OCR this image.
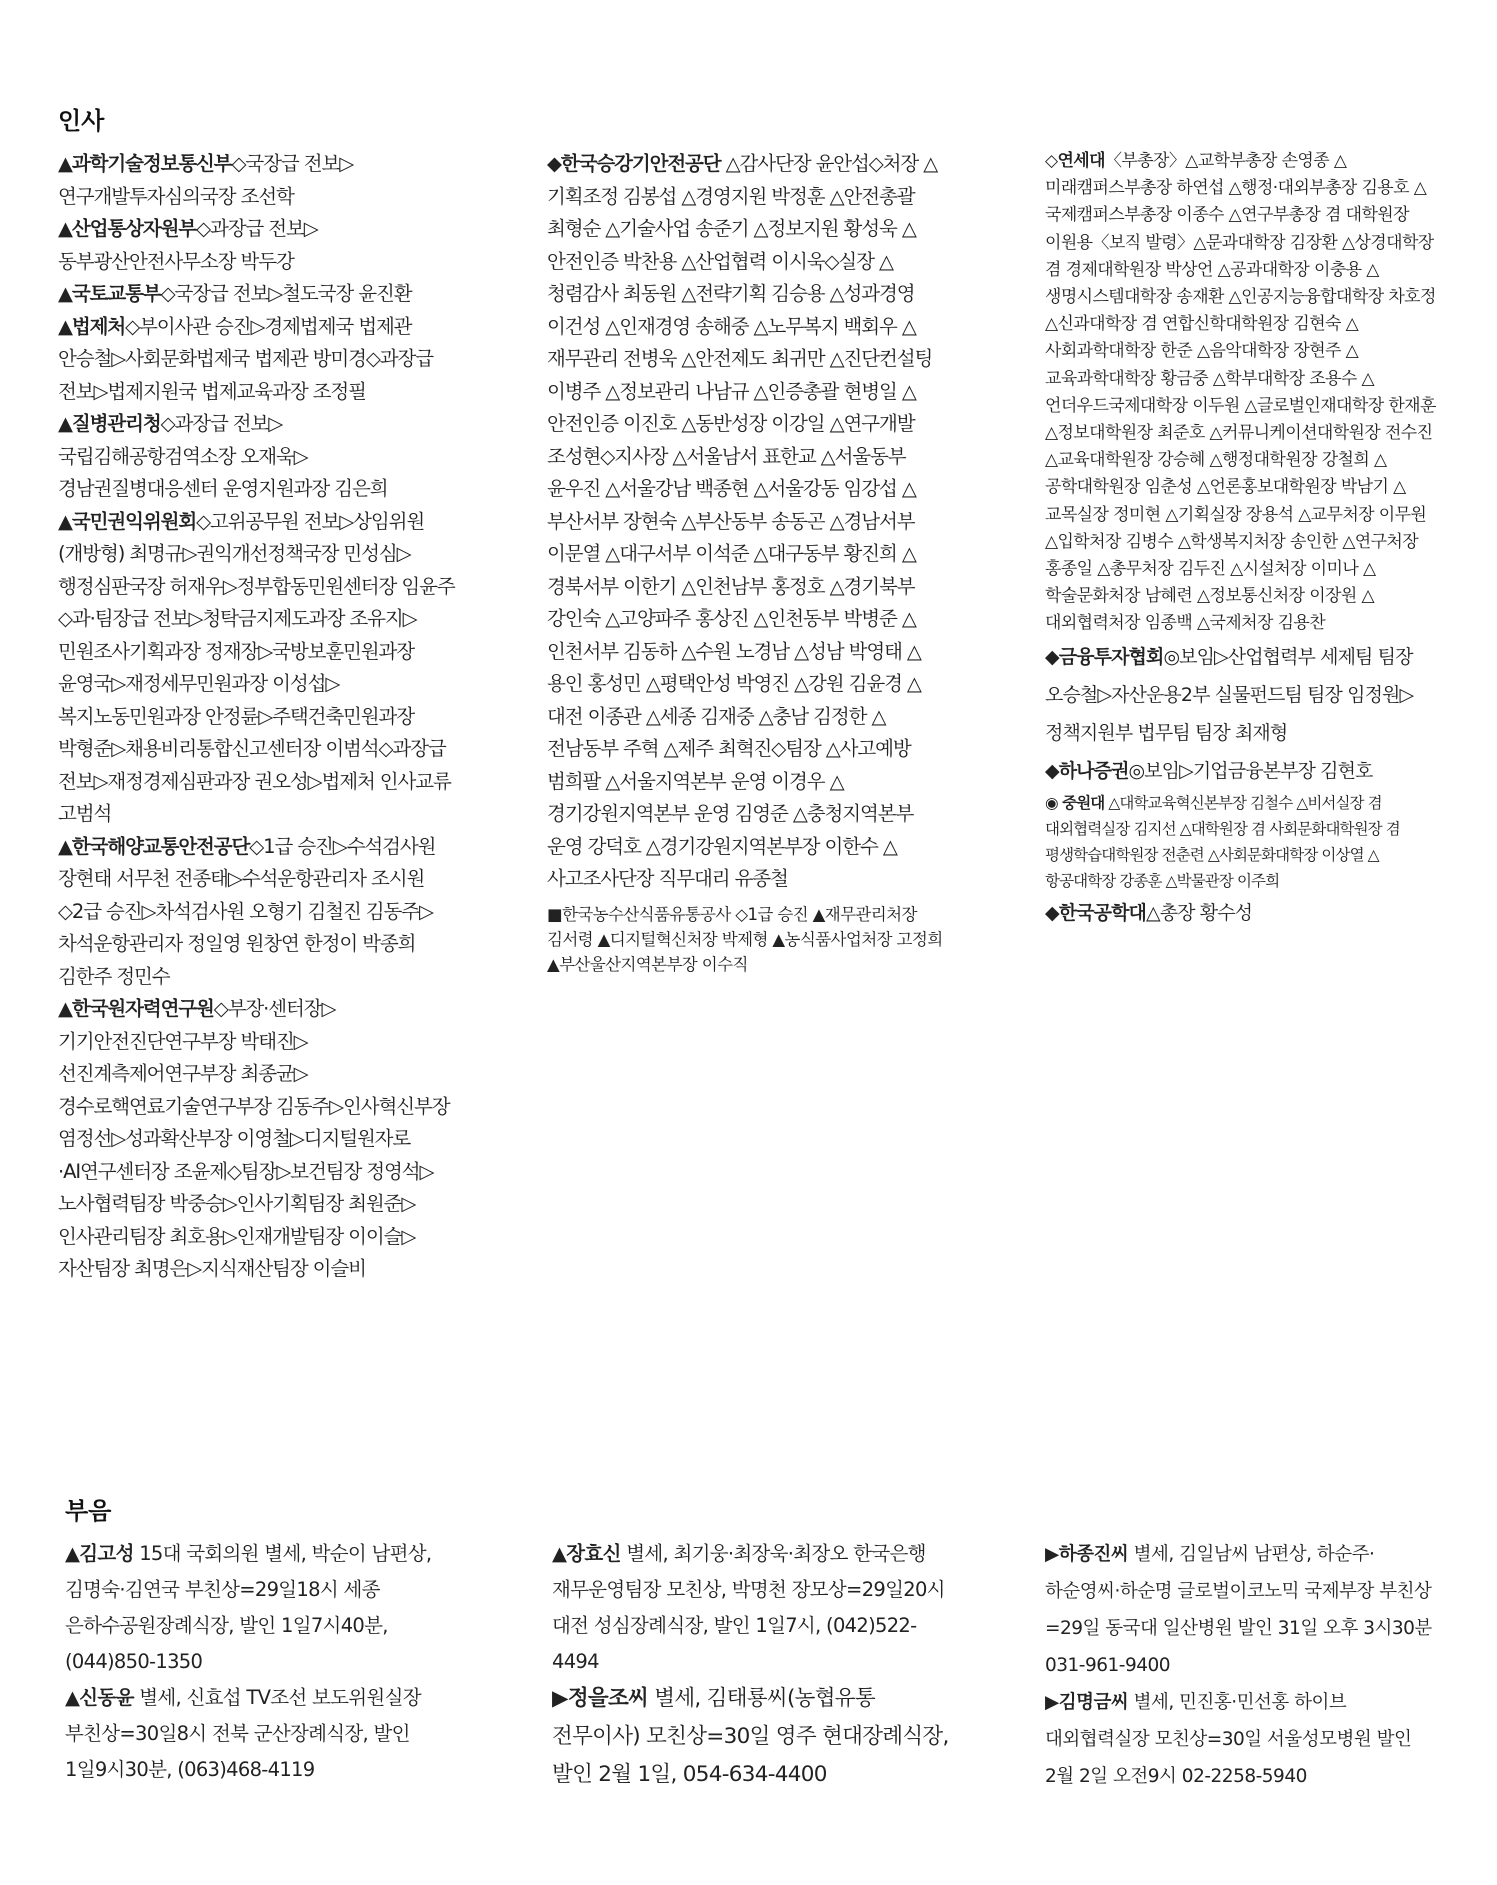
인사

▲과학기술정보통신부◇국장급 전보▷연구개발투자심의국장 조선학

▲산업통상자원부◇과장급 전보▷동부광산안전사무소장 박두강

▲국토교통부◇국장급 전보▷철도국장 윤진환

▲법제처◇부이사관 승진▷경제법제국 법제관 안승철▷사회문화법제국 법제관 방미경◇과장급 전보▷법제지원국 법제교육과장 조정필

▲질병관리청◇과장급 전보▷국립김해공항검역소장 오재욱▷경남권질병대응센터 운영지원과장 김은희

▲국민권익위원회◇고위공무원 전보▷상임위원(개방형) 최명규▷권익개선정책국장 민성심▷행정심판국장 허재우▷정부합동민원센터장 임윤주◇과·팀장급 전보▷청탁금지제도과장 조유지▷민원조사기획과장 정재장▷국방보훈민원과장 윤영국▷재정세무민원과장 이성섭▷복지노동민원과장 안정륜▷주택건축민원과장 박형준▷채용비리통합신고센터장 이범석◇과장급 전보▷재정경제심판과장 권오성▷법제처 인사교류 고범석

▲한국해양교통안전공단◇1급 승진▷수석검사원 장현태 서무천 전종태▷수석운항관리자 조시원◇2급 승진▷차석검사원 오형기 김철진 김동주▷차석운항관리자 정일영 원창연 한정이 박종희 김한주 정민수

▲한국원자력연구원◇부장·센터장▷기기안전진단연구부장 박태진▷선진계측제어연구부장 최종균▷경수로핵연료기술연구부장 김동주▷인사혁신부장 염정선▷성과확산부장 이영철▷디지털원자로·AI연구센터장 조윤제◇팀장▷보건팀장 정영석▷노사협력팀장 박중승▷인사기획팀장 최원준▷인사관리팀장 최호용▷인재개발팀장 이이슬▷자산팀장 최명은▷지식재산팀장 이슬비

◆한국승강기안전공단 △감사단장 윤안섭◇처장 △기획조정 김봉섭 △경영지원 박정훈 △안전총괄 최형순 △기술사업 송준기 △정보지원 황성욱 △안전인증 박찬용 △산업협력 이시욱◇실장 △청렴감사 최동원 △전략기획 김승용 △성과경영 이건성 △인재경영 송해중 △노무복지 백회우 △재무관리 전병욱 △안전제도 최귀만 △진단컨설팅 이병주 △정보관리 나남규 △인증총괄 현병일 △안전인증 이진호 △동반성장 이강일 △연구개발 조성현◇지사장 △서울남서 표한교 △서울동부 윤우진 △서울강남 백종현 △서울강동 임강섭 △부산서부 장현숙 △부산동부 송동곤 △경남서부 이문열 △대구서부 이석준 △대구동부 황진희 △경북서부 이한기 △인천남부 홍정호 △경기북부 강인숙 △고양파주 홍상진 △인천동부 박병준 △인천서부 김동하 △수원 노경남 △성남 박영태 △용인 홍성민 △평택안성 박영진 △강원 김윤경 △대전 이종관 △세종 김재중 △충남 김정한 △전남동부 주혁 △제주 최혁진◇팀장 △사고예방 범희팔 △서울지역본부 운영 이경우 △경기강원지역본부 운영 김영준 △충청지역본부 운영 강덕호 △경기강원지역본부장 이한수 △사고조사단장 직무대리 유종철

■한국농수산식품유통공사 ◇1급 승진 ▲재무관리처장 김서령 ▲디지털혁신처장 박제형 ▲농식품사업처장 고정희 ▲부산울산지역본부장 이수직

◇연세대〈부총장〉△교학부총장 손영종 △미래캠퍼스부총장 하연섭 △행정·대외부총장 김용호 △국제캠퍼스부총장 이종수 △연구부총장 겸 대학원장 이원용〈보직 발령〉△문과대학장 김장환 △상경대학장 겸 경제대학원장 박상언 △공과대학장 이충용 △생명시스템대학장 송재환 △인공지능융합대학장 차호정 △신과대학장 겸 연합신학대학원장 김현숙 △사회과학대학장 한준 △음악대학장 장현주 △교육과학대학장 황금중 △학부대학장 조용수 △언더우드국제대학장 이두원 △글로벌인재대학장 한재훈 △정보대학원장 최준호 △커뮤니케이션대학원장 전수진 △교육대학원장 강승혜 △행정대학원장 강철희 △공학대학원장 임춘성 △언론홍보대학원장 박남기 △교목실장 정미현 △기획실장 장용석 △교무처장 이무원 △입학처장 김병수 △학생복지처장 송인한 △연구처장 홍종일 △총무처장 김두진 △시설처장 이미나 △학술문화처장 남혜련 △정보통신처장 이장원 △대외협력처장 임종백 △국제처장 김용찬

◆금융투자협회◎보임▷산업협력부 세제팀 팀장 오승철▷자산운용2부 실물펀드팀 팀장 임정원▷정책지원부 법무팀 팀장 최재형

◆하나증권◎보임▷기업금융본부장 김현호

◉ 중원대 △대학교육혁신본부장 김철수 △비서실장 겸 대외협력실장 김지선 △대학원장 겸 사회문화대학원장 겸 평생학습대학원장 전춘련 △사회문화대학장 이상열 △항공대학장 강종훈 △박물관장 이주희

◆한국공학대△총장 황수성

부음

▲김고성 15대 국회의원 별세, 박순이 남편상, 김명숙·김연국 부친상=29일18시 세종 은하수공원장례식장, 발인 1일7시40분, (044)850-1350

▲신동윤 별세, 신효섭 TV조선 보도위원실장 부친상=30일8시 전북 군산장례식장, 발인 1일9시30분, (063)468-4119

▲장효신 별세, 최기웅·최장욱·최장오 한국은행 재무운영팀장 모친상, 박명천 장모상=29일20시 대전 성심장례식장, 발인 1일7시, (042)522-4494

▶정을조씨 별세, 김태룡씨(농협유통 전무이사) 모친상=30일 영주 현대장례식장, 발인 2월 1일, 054-634-4400

▶하종진씨 별세, 김일남씨 남편상, 하순주·하순영씨·하순명 글로벌이코노믹 국제부장 부친상=29일 동국대 일산병원 발인 31일 오후 3시30분 031-961-9400

▶김명금씨 별세, 민진홍·민선홍 하이브 대외협력실장 모친상=30일 서울성모병원 발인 2월 2일 오전9시 02-2258-5940
